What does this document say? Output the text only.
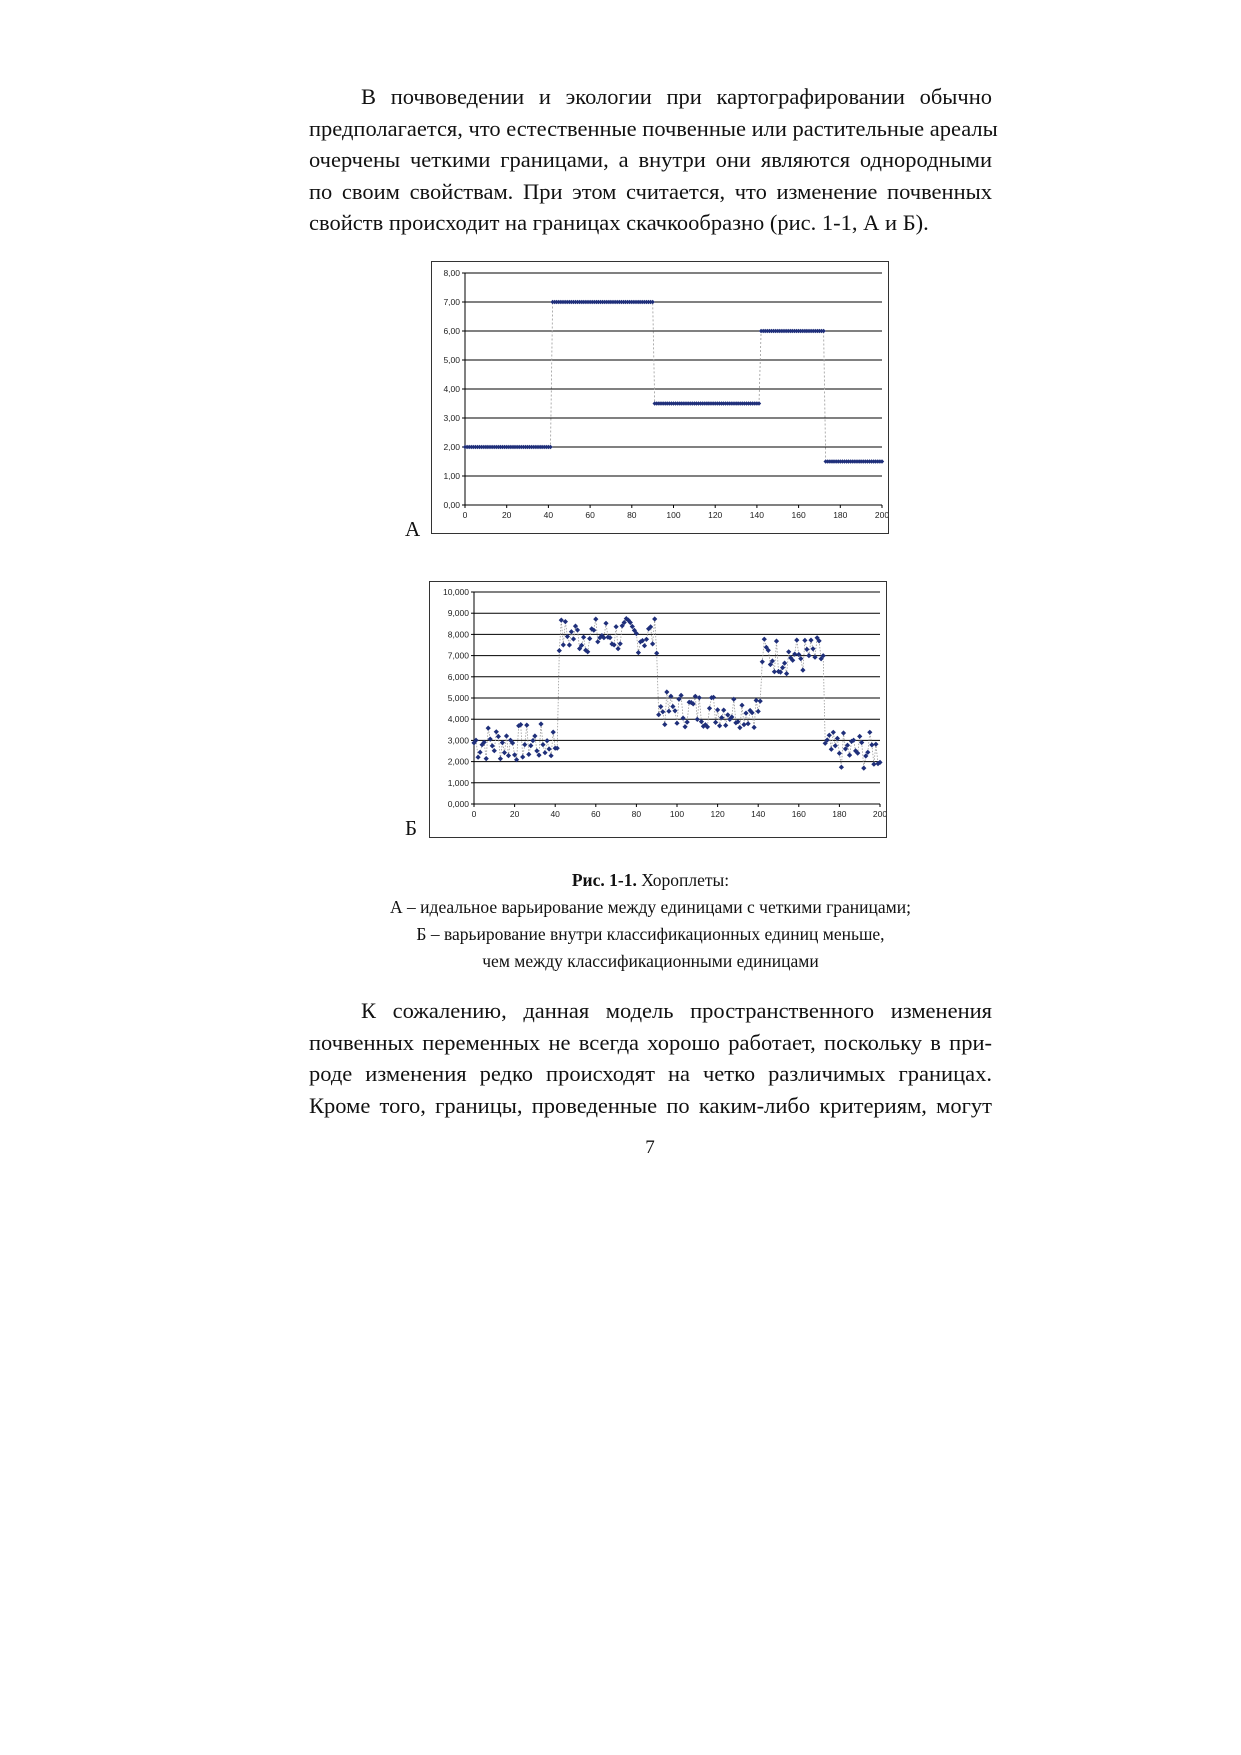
В почвоведении и экологии при картографировании обычно
предполагается, что естественные почвенные или растительные ареалы
очерчены четкими границами, а внутри они являются однородными
по своим свойствам. При этом считается, что изменение почвенных
свойств происходит на границах скачкообразно (рис. 1-1, А и Б).
0,00
1,00
2,00
3,00
4,00
5,00
6,00
7,00
8,00
0	20	40	60	80	100	120	140	160	180	200
А
0,000
1,000
2,000
3,000
4,000
5,000
6,000
7,000
8,000
9,000
10,000
0	20	40	60	80	100	120	140	160	180	200
Б
Рис. 1-1. Хороплеты:
А – идеальное варьирование между единицами с четкими границами;
Б – варьирование внутри классификационных единиц меньше,
чем между классификационными единицами
К сожалению, данная модель пространственного изменения
почвенных переменных не всегда хорошо работает, поскольку в при-
роде изменения редко происходят на четко различимых границах.
Кроме того, границы, проведенные по каким-либо критериям, могут
7
